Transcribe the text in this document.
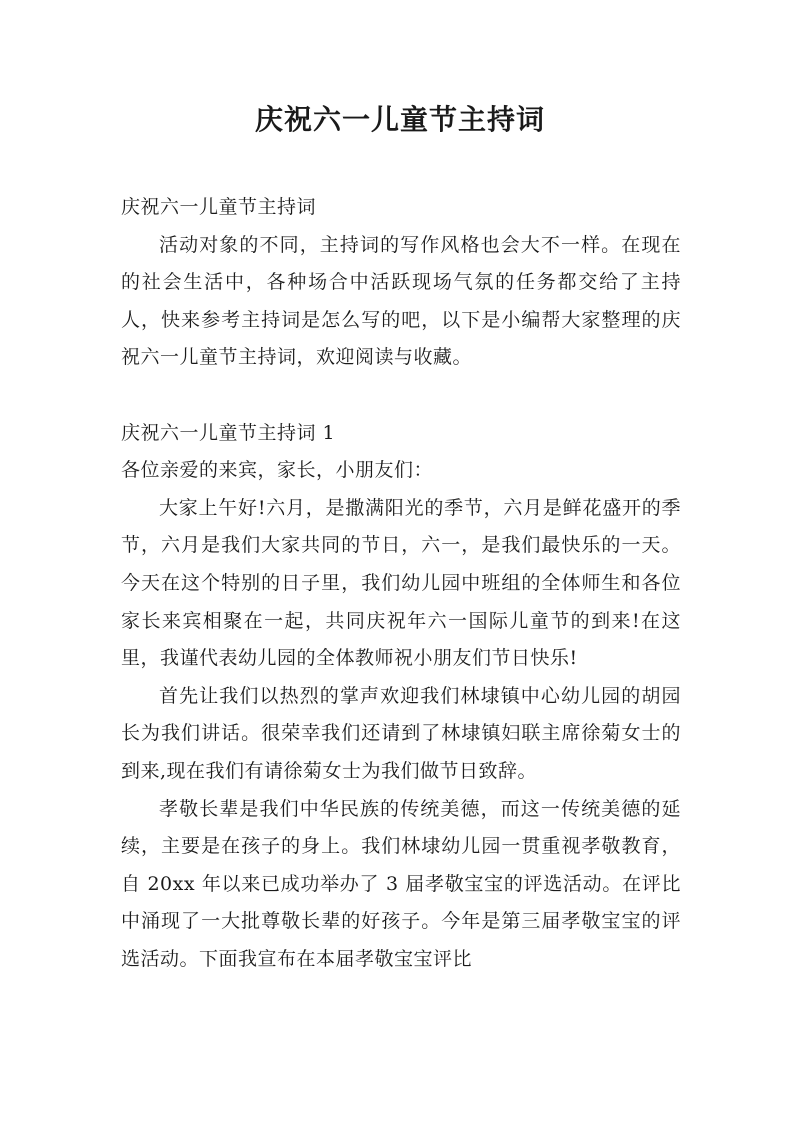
庆祝六一儿童节主持词

庆祝六一儿童节主持词

活动对象的不同，主持词的写作风格也会大不一样。在现在的社会生活中，各种场合中活跃现场气氛的任务都交给了主持人，快来参考主持词是怎么写的吧，以下是小编帮大家整理的庆祝六一儿童节主持词，欢迎阅读与收藏。

庆祝六一儿童节主持词 1

各位亲爱的来宾，家长，小朋友们：

大家上午好!六月，是撒满阳光的季节，六月是鲜花盛开的季节，六月是我们大家共同的节日，六一，是我们最快乐的一天。今天在这个特别的日子里，我们幼儿园中班组的全体师生和各位家长来宾相聚在一起，共同庆祝年六一国际儿童节的到来!在这里，我谨代表幼儿园的全体教师祝小朋友们节日快乐!

首先让我们以热烈的掌声欢迎我们林埭镇中心幼儿园的胡园长为我们讲话。很荣幸我们还请到了林埭镇妇联主席徐菊女士的到来,现在我们有请徐菊女士为我们做节日致辞。

孝敬长辈是我们中华民族的传统美德，而这一传统美德的延续，主要是在孩子的身上。我们林埭幼儿园一贯重视孝敬教育，自 20xx 年以来已成功举办了 3 届孝敬宝宝的评选活动。在评比中涌现了一大批尊敬长辈的好孩子。今年是第三届孝敬宝宝的评选活动。下面我宣布在本届孝敬宝宝评比
